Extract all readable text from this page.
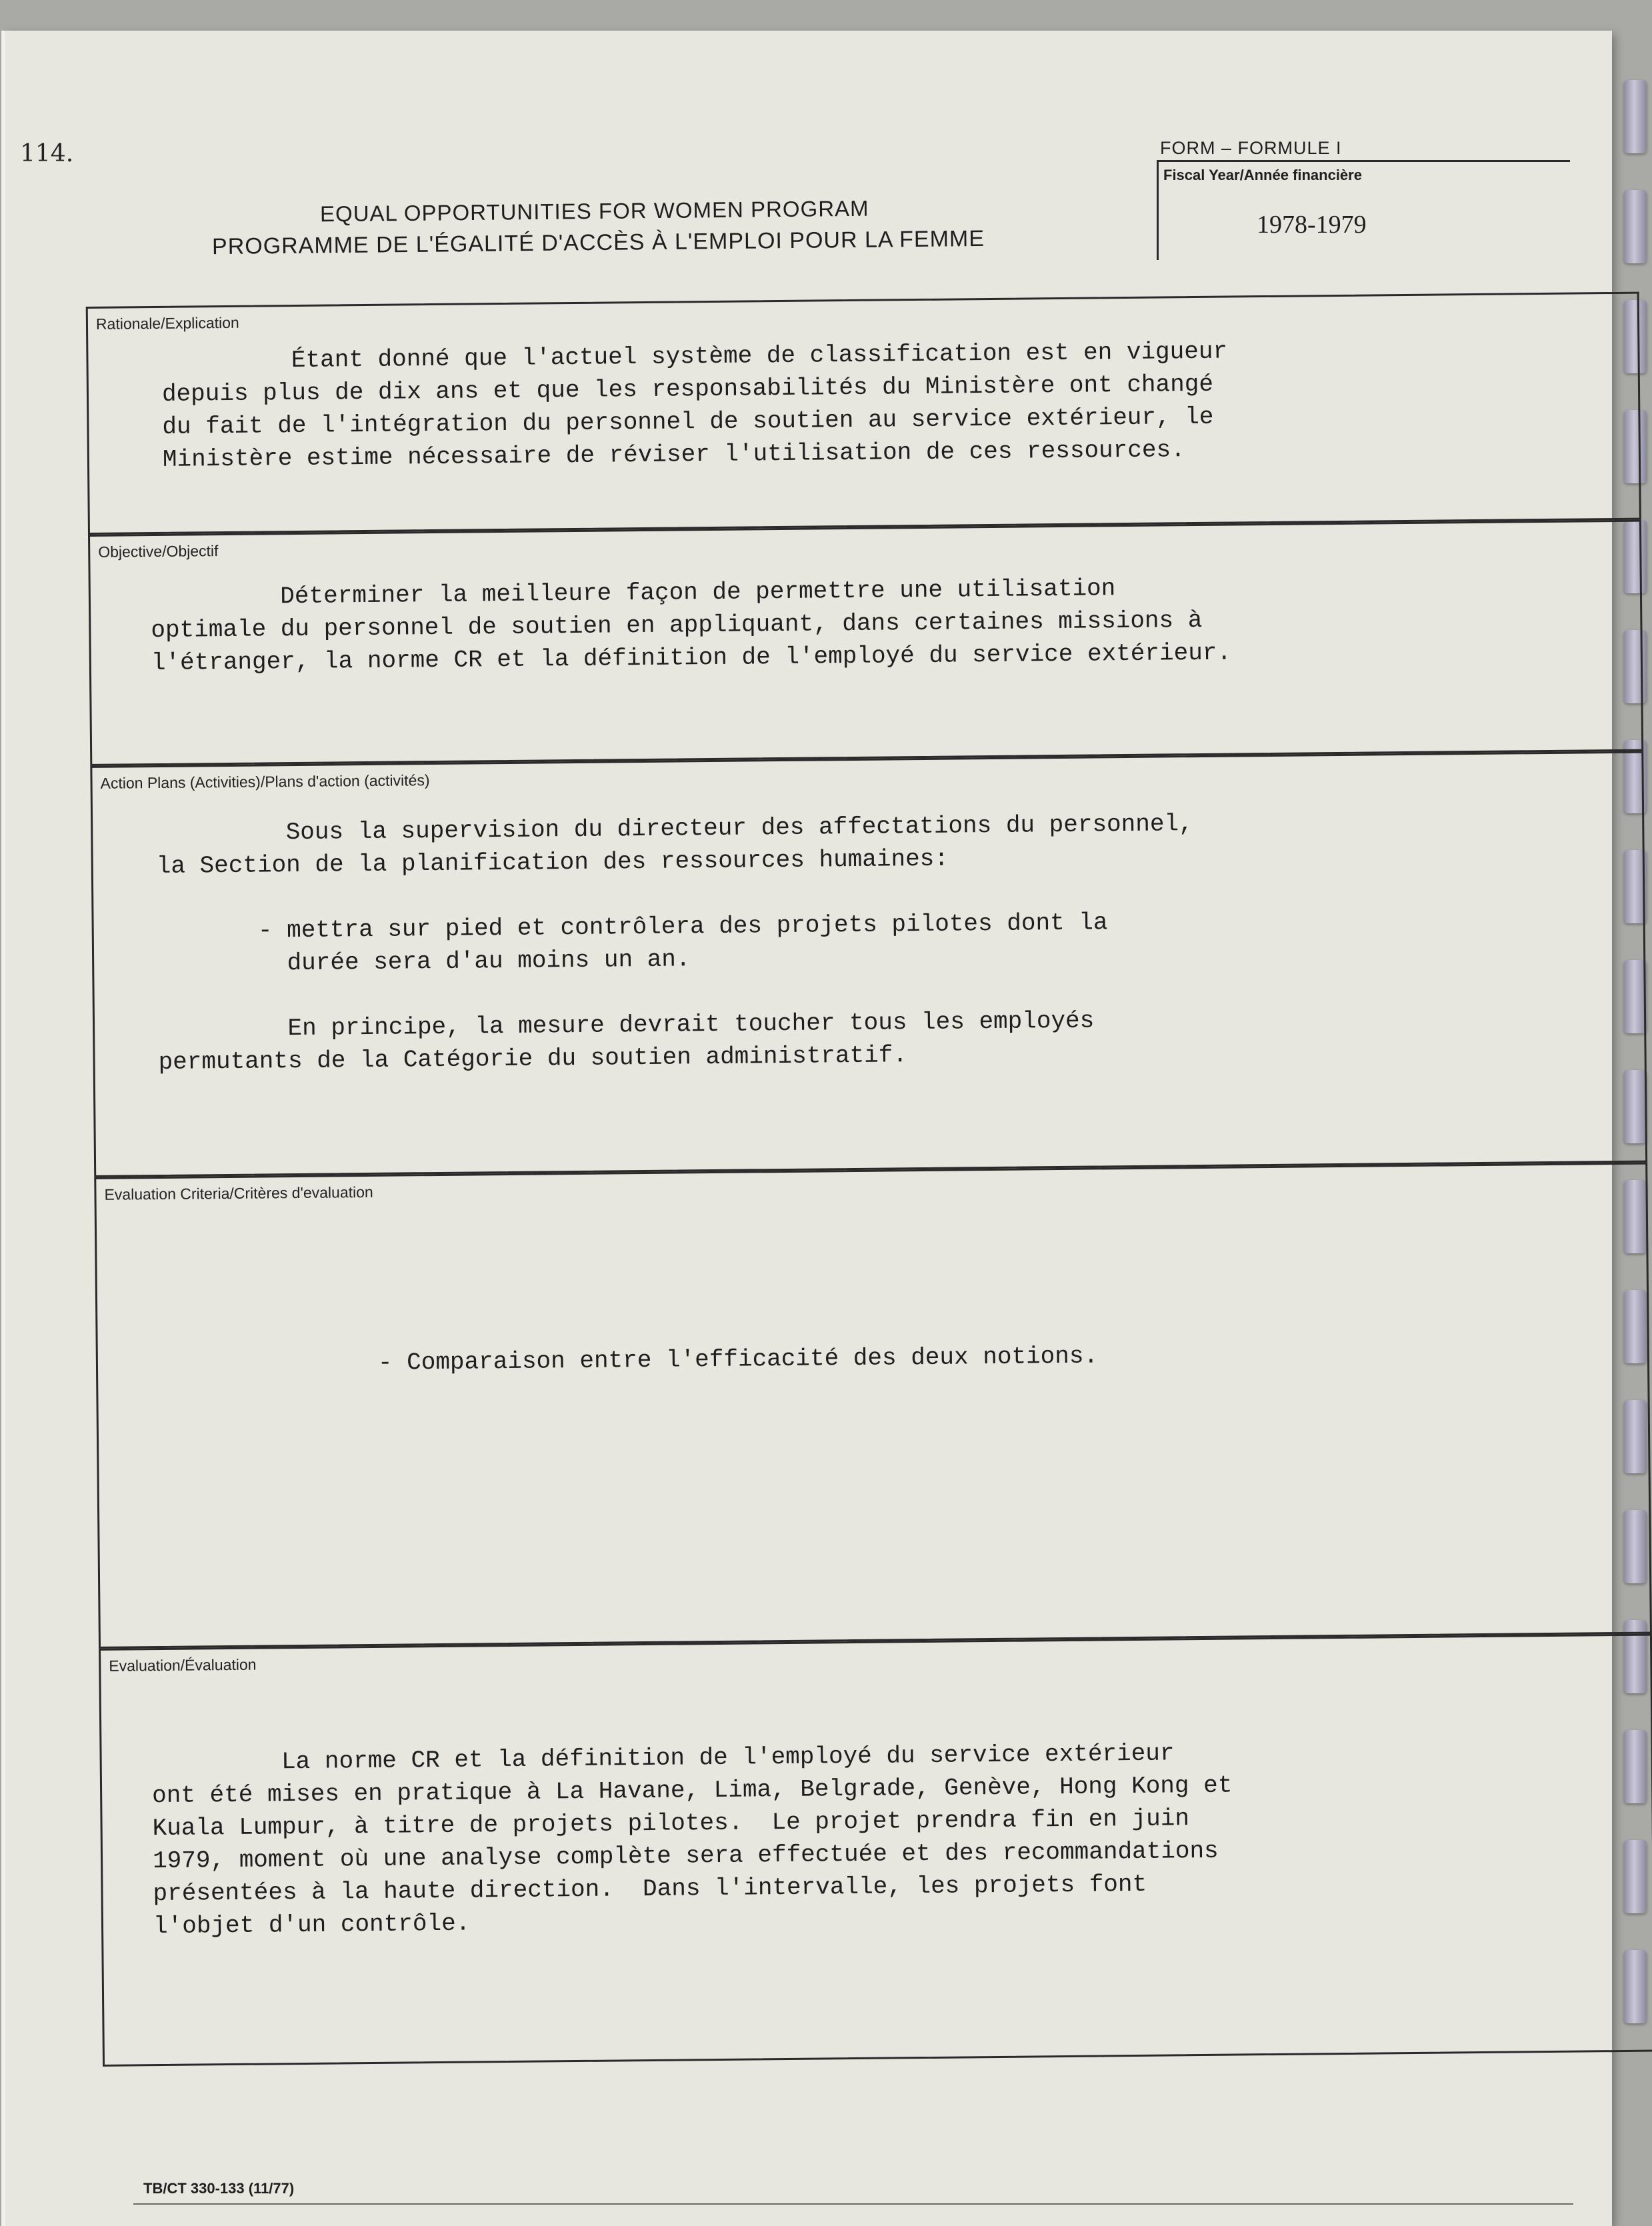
114.	FORM – FORMULE I
Fiscal Year/Année financière
1978-1979
EQUAL OPPORTUNITIES FOR WOMEN PROGRAM
PROGRAMME DE L'ÉGALITÉ D'ACCÈS À L'EMPLOI POUR LA FEMME
Rationale/Explication
Étant donné que l'actuel système de classification est en vigueur
depuis plus de dix ans et que les responsabilités du Ministère ont changé
du fait de l'intégration du personnel de soutien au service extérieur, le
Ministère estime nécessaire de réviser l'utilisation de ces ressources.
Objective/Objectif
Déterminer la meilleure façon de permettre une utilisation
optimale du personnel de soutien en appliquant, dans certaines missions à
l'étranger, la norme CR et la définition de l'employé du service extérieur.
Action Plans (Activities)/Plans d'action (activités)
Sous la supervision du directeur des affectations du personnel,
la Section de la planification des ressources humaines:

- mettra sur pied et contrôlera des projets pilotes dont la
durée sera d'au moins un an.

En principe, la mesure devrait toucher tous les employés
permutants de la Catégorie du soutien administratif.
Evaluation Criteria/Critères d'evaluation
- Comparaison entre l'efficacité des deux notions.
Evaluation/Évaluation
La norme CR et la définition de l'employé du service extérieur
ont été mises en pratique à La Havane, Lima, Belgrade, Genève, Hong Kong et
Kuala Lumpur, à titre de projets pilotes.  Le projet prendra fin en juin
1979, moment où une analyse complète sera effectuée et des recommandations
présentées à la haute direction.  Dans l'intervalle, les projets font
l'objet d'un contrôle.
TB/CT 330-133 (11/77)
